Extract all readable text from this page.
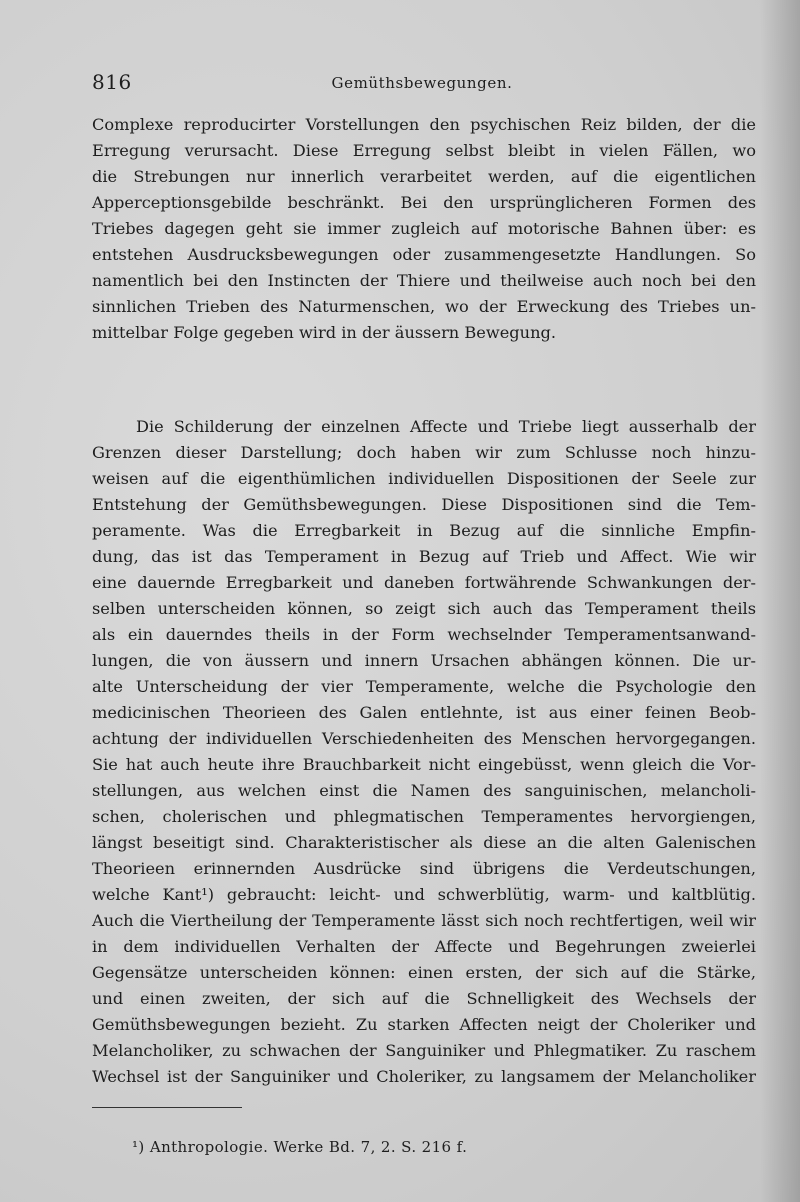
816	Gemüthsbewegungen.
Complexe reproducirter Vorstellungen den psychischen Reiz bilden, der die
Erregung verursacht. Diese Erregung selbst bleibt in vielen Fällen, wo
die Strebungen nur innerlich verarbeitet werden, auf die eigentlichen
Apperceptionsgebilde beschränkt. Bei den ursprünglicheren Formen des
Triebes dagegen geht sie immer zugleich auf motorische Bahnen über: es
entstehen Ausdrucksbewegungen oder zusammengesetzte Handlungen. So
namentlich bei den Instincten der Thiere und theilweise auch noch bei den
sinnlichen Trieben des Naturmenschen, wo der Erweckung des Triebes un-
mittelbar Folge gegeben wird in der äussern Bewegung.
Die Schilderung der einzelnen Affecte und Triebe liegt ausserhalb der
Grenzen dieser Darstellung; doch haben wir zum Schlusse noch hinzu-
weisen auf die eigenthümlichen individuellen Dispositionen der Seele zur
Entstehung der Gemüthsbewegungen. Diese Dispositionen sind die Tem-
peramente. Was die Erregbarkeit in Bezug auf die sinnliche Empfin-
dung, das ist das Temperament in Bezug auf Trieb und Affect. Wie wir
eine dauernde Erregbarkeit und daneben fortwährende Schwankungen der-
selben unterscheiden können, so zeigt sich auch das Temperament theils
als ein dauerndes theils in der Form wechselnder Temperamentsanwand-
lungen, die von äussern und innern Ursachen abhängen können. Die ur-
alte Unterscheidung der vier Temperamente, welche die Psychologie den
medicinischen Theorieen des Galen entlehnte, ist aus einer feinen Beob-
achtung der individuellen Verschiedenheiten des Menschen hervorgegangen.
Sie hat auch heute ihre Brauchbarkeit nicht eingebüsst, wenn gleich die Vor-
stellungen, aus welchen einst die Namen des sanguinischen, melancholi-
schen, cholerischen und phlegmatischen Temperamentes hervorgiengen,
längst beseitigt sind. Charakteristischer als diese an die alten Galenischen
Theorieen erinnernden Ausdrücke sind übrigens die Verdeutschungen,
welche Kant¹) gebraucht: leicht- und schwerblütig, warm- und kaltblütig.
Auch die Viertheilung der Temperamente lässt sich noch rechtfertigen, weil wir
in dem individuellen Verhalten der Affecte und Begehrungen zweierlei
Gegensätze unterscheiden können: einen ersten, der sich auf die Stärke,
und einen zweiten, der sich auf die Schnelligkeit des Wechsels der
Gemüthsbewegungen bezieht. Zu starken Affecten neigt der Choleriker und
Melancholiker, zu schwachen der Sanguiniker und Phlegmatiker. Zu raschem
Wechsel ist der Sanguiniker und Choleriker, zu langsamem der Melancholiker
¹) Anthropologie. Werke Bd. 7, 2. S. 216 f.
